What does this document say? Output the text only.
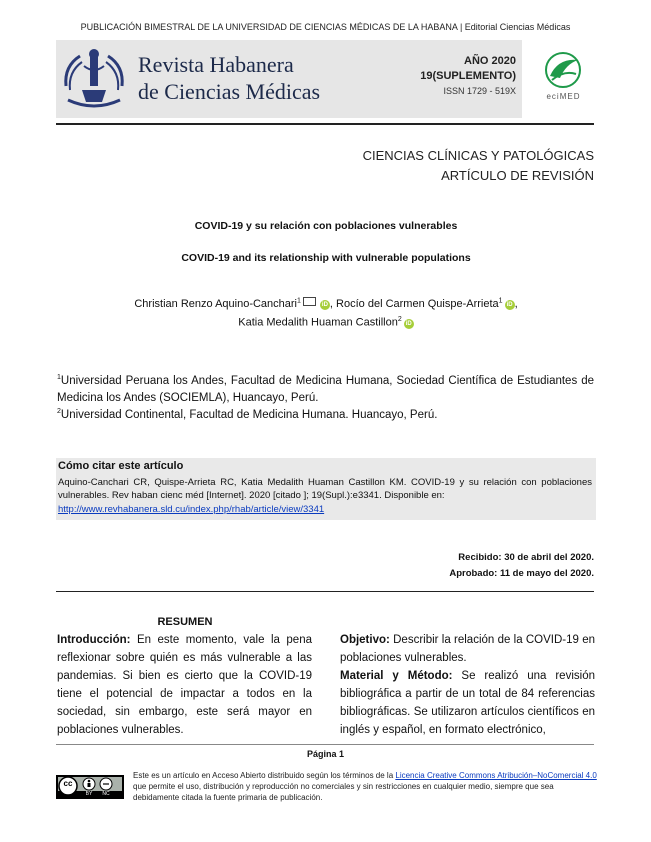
PUBLICACIÓN BIMESTRAL DE LA UNIVERSIDAD DE CIENCIAS MÉDICAS DE LA HABANA | Editorial Ciencias Médicas
Revista Habanera
de Ciencias Médicas
AÑO 2020
19(SUPLEMENTO)
ISSN 1729 - 519X
eciMED
CIENCIAS CLÍNICAS Y PATOLÓGICAS
ARTÍCULO DE REVISIÓN
COVID-19 y su relación con poblaciones vulnerables
COVID-19 and its relationship with vulnerable populations
Christian Renzo Aquino-Canchari$^1$iD , Rocío del Carmen Quispe-Arrieta$^1$iD ,
Katia Medalith Huaman Castillon$^2$iD
$^1$Universidad Peruana los Andes, Facultad de Medicina Humana, Sociedad Científica de Estudiantes de Medicina los Andes (SOCIEMLA), Huancayo, Perú.
$^2$Universidad Continental, Facultad de Medicina Humana. Huancayo, Perú.
Cómo citar este artículo
Aquino-Canchari CR, Quispe-Arrieta RC, Katia Medalith Huaman Castillon KM. COVID-19 y su relación con poblaciones vulnerables. Rev haban cienc méd [Internet]. 2020 [citado ]; 19(Supl.):e3341. Disponible en:
http://www.revhabanera.sld.cu/index.php/rhab/article/view/3341
Recibido: 30 de abril del 2020.
Aprobado: 11 de mayo del 2020.
RESUMEN
Introducción: En este momento, vale la pena reflexionar sobre quién es más vulnerable a las pandemias. Si bien es cierto que la COVID-19 tiene el potencial de impactar a todos en la sociedad, sin embargo, este será mayor en poblaciones vulnerables.
Objetivo: Describir la relación de la COVID-19 en poblaciones vulnerables.
Material y Método: Se realizó una revisión bibliográfica a partir de un total de 84 referencias bibliográficas. Se utilizaron artículos científicos en inglés y español, en formato electrónico,
Página 1
cc
BY	NC
Este es un artículo en Acceso Abierto distribuido según los términos de la Licencia Creative Commons Atribución–NoComercial 4.0 que permite el uso, distribución y reproducción no comerciales y sin restricciones en cualquier medio, siempre que sea debidamente citada la fuente primaria de publicación.
